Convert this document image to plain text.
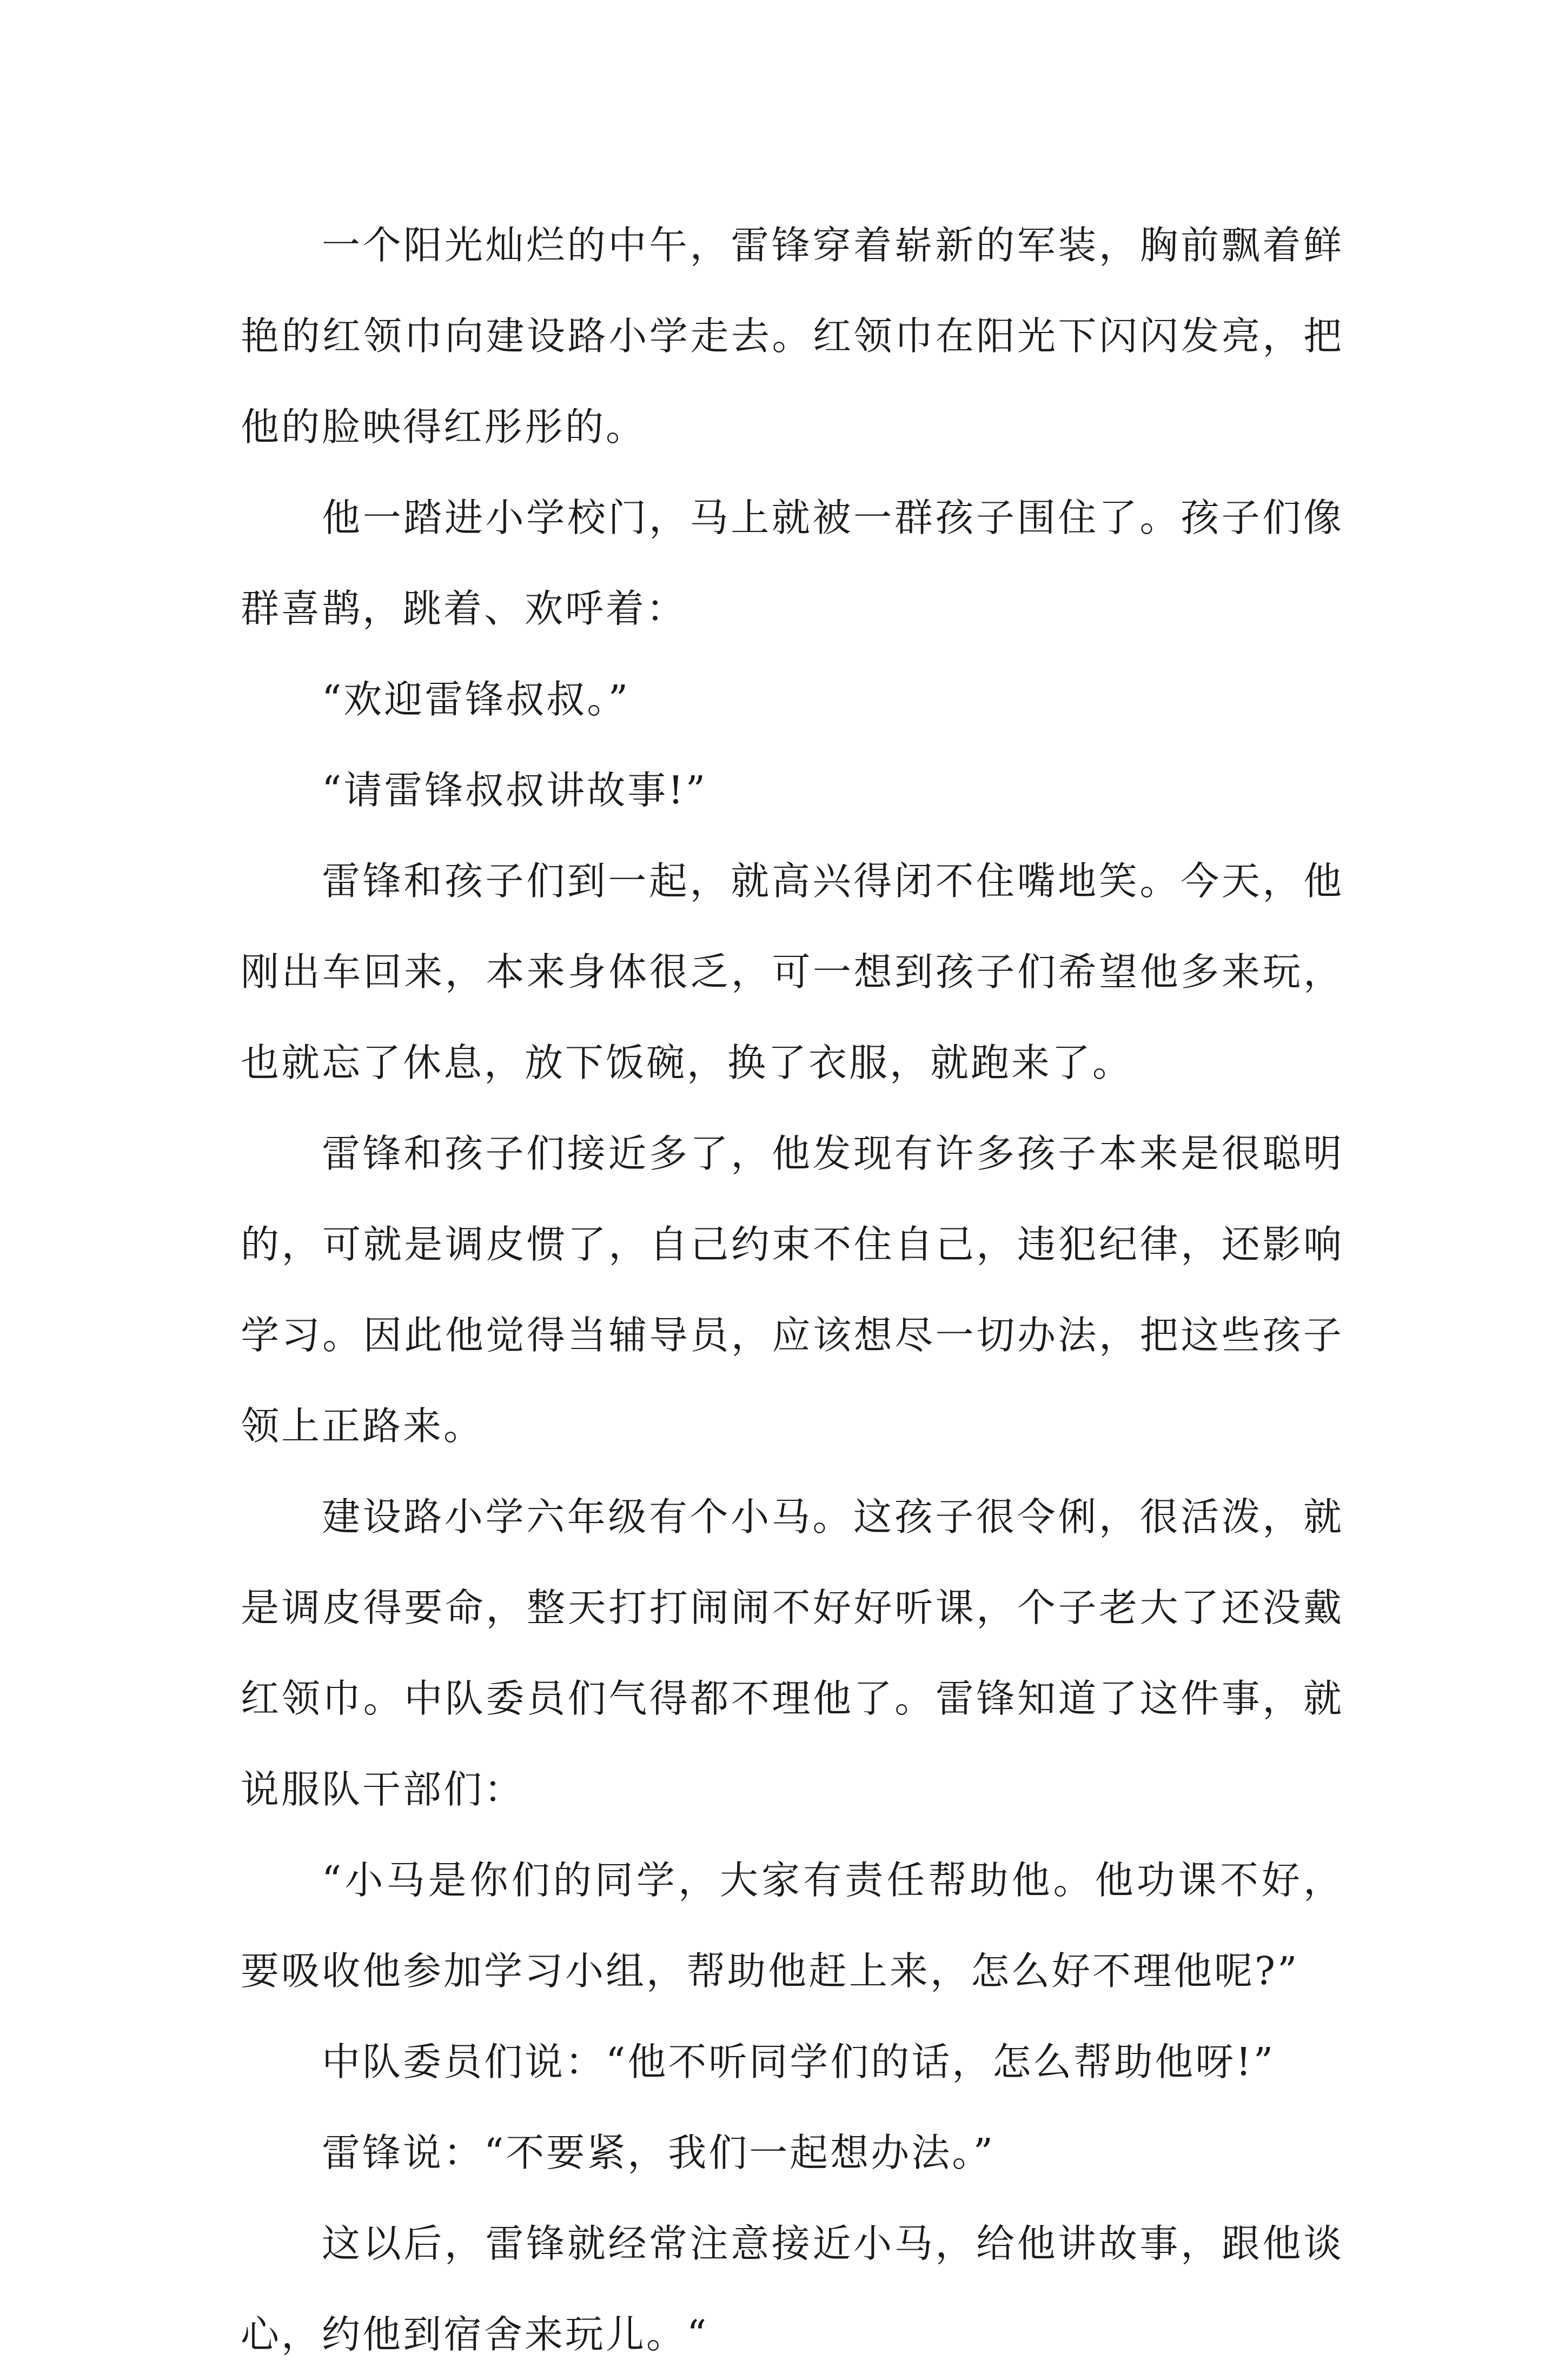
一个阳光灿烂的中午，雷锋穿着崭新的军装，胸前飘着鲜艳的红领巾向建设路小学走去。红领巾在阳光下闪闪发亮，把他的脸映得红彤彤的。

他一踏进小学校门，马上就被一群孩子围住了。孩子们像群喜鹊，跳着、欢呼着：

“欢迎雷锋叔叔。”

“请雷锋叔叔讲故事!”

雷锋和孩子们到一起，就高兴得闭不住嘴地笑。今天，他刚出车回来，本来身体很乏，可一想到孩子们希望他多来玩，也就忘了休息，放下饭碗，换了衣服，就跑来了。

雷锋和孩子们接近多了，他发现有许多孩子本来是很聪明的，可就是调皮惯了，自己约束不住自己，违犯纪律，还影响学习。因此他觉得当辅导员，应该想尽一切办法，把这些孩子领上正路来。

建设路小学六年级有个小马。这孩子很令俐，很活泼，就是调皮得要命，整天打打闹闹不好好听课，个子老大了还没戴红领巾。中队委员们气得都不理他了。雷锋知道了这件事，就说服队干部们：

“小马是你们的同学，大家有责任帮助他。他功课不好，要吸收他参加学习小组，帮助他赶上来，怎么好不理他呢?”

中队委员们说：“他不听同学们的话，怎么帮助他呀!”

雷锋说：“不要紧，我们一起想办法。”

这以后，雷锋就经常注意接近小马，给他讲故事，跟他谈心，约他到宿舍来玩儿。“
